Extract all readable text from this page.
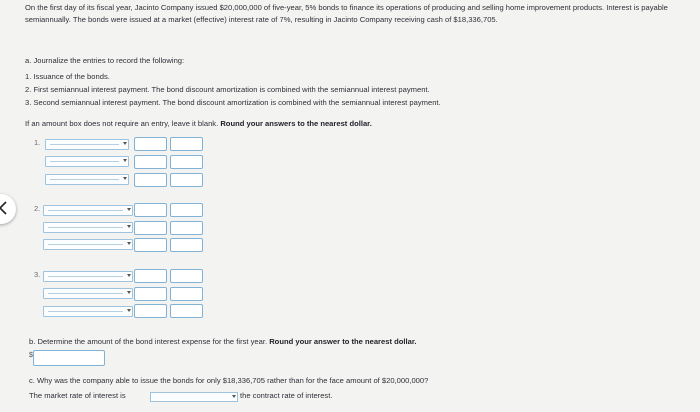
On the first day of its fiscal year, Jacinto Company issued $20,000,000 of five-year, 5% bonds to finance its operations of producing and selling home improvement products. Interest is payable semiannually. The bonds were issued at a market (effective) interest rate of 7%, resulting in Jacinto Company receiving cash of $18,336,705.
a. Journalize the entries to record the following:
1. Issuance of the bonds.
2. First semiannual interest payment. The bond discount amortization is combined with the semiannual interest payment.
3. Second semiannual interest payment. The bond discount amortization is combined with the semiannual interest payment.
If an amount box does not require an entry, leave it blank. Round your answers to the nearest dollar.
1.
2.
3.
b. Determine the amount of the bond interest expense for the first year. Round your answer to the nearest dollar.
$
c. Why was the company able to issue the bonds for only $18,336,705 rather than for the face amount of $20,000,000?
The market rate of interest is	the contract rate of interest.
